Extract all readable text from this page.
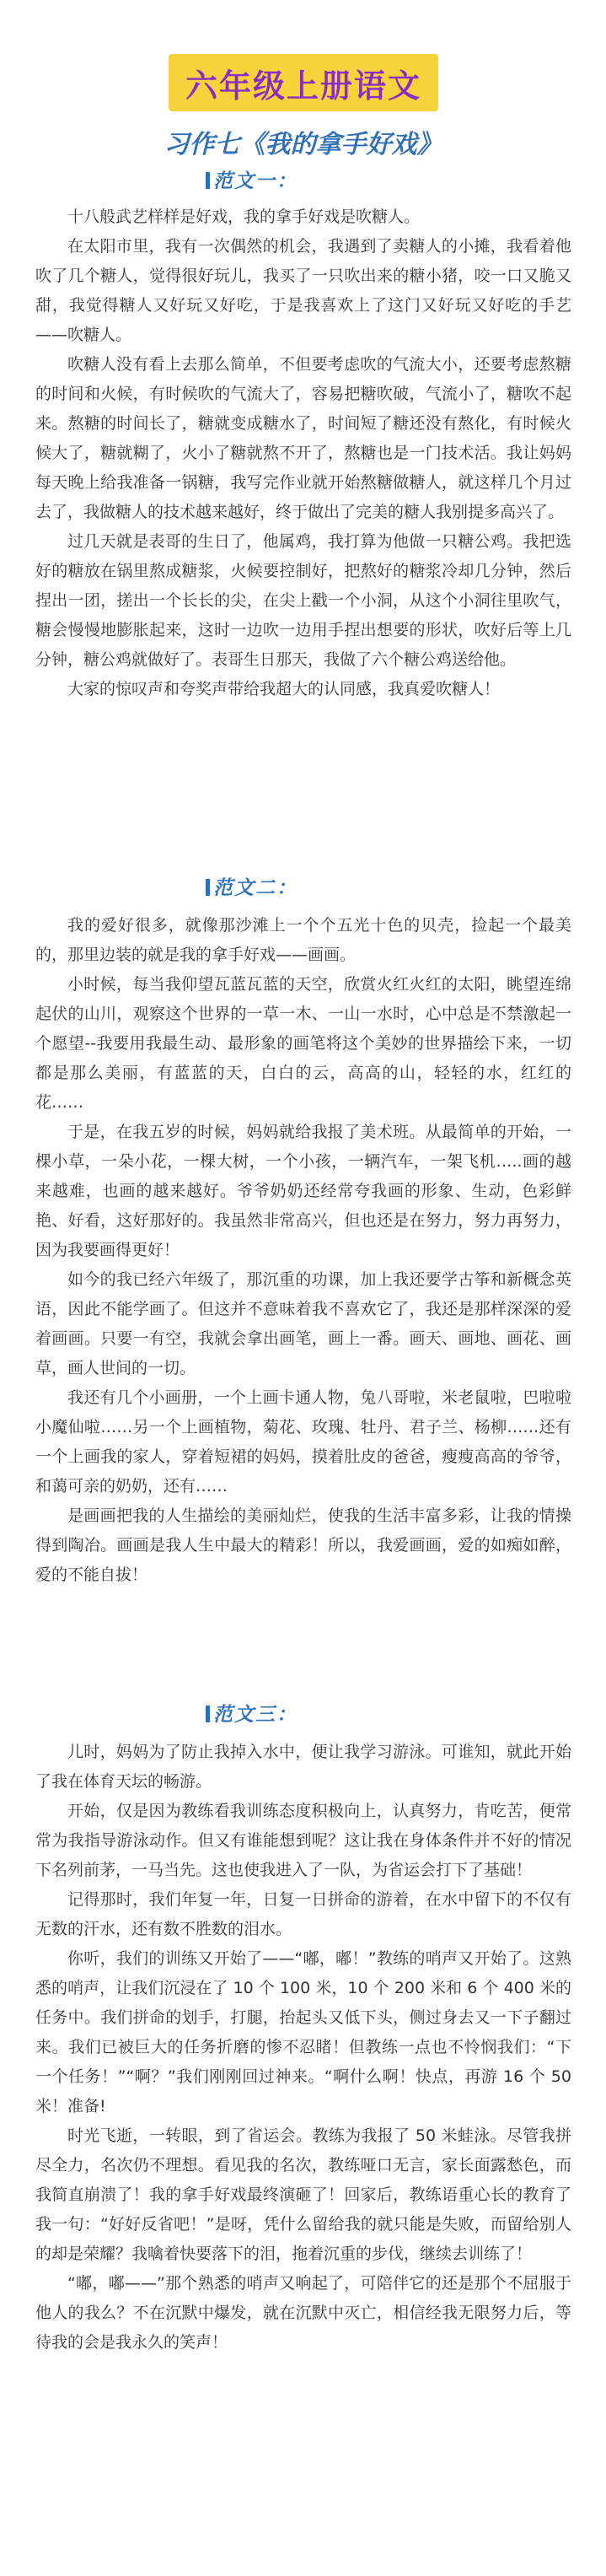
六年级上册语文
习作七《我的拿手好戏》
范文一：

十八般武艺样样是好戏，我的拿手好戏是吹糖人。

在太阳市里，我有一次偶然的机会，我遇到了卖糖人的小摊，我看着他吹了几个糖人，觉得很好玩儿，我买了一只吹出来的糖小猪，咬一口又脆又甜，我觉得糖人又好玩又好吃，于是我喜欢上了这门又好玩又好吃的手艺——吹糖人。

吹糖人没有看上去那么简单，不但要考虑吹的气流大小，还要考虑熬糖的时间和火候，有时候吹的气流大了，容易把糖吹破，气流小了，糖吹不起来。熬糖的时间长了，糖就变成糖水了，时间短了糖还没有熬化，有时候火候大了，糖就糊了，火小了糖就熬不开了，熬糖也是一门技术活。我让妈妈每天晚上给我准备一锅糖，我写完作业就开始熬糖做糖人，就这样几个月过去了，我做糖人的技术越来越好，终于做出了完美的糖人我别提多高兴了。

过几天就是表哥的生日了，他属鸡，我打算为他做一只糖公鸡。我把选好的糖放在锅里熬成糖浆，火候要控制好，把熬好的糖浆冷却几分钟，然后捏出一团，搓出一个长长的尖，在尖上戳一个小洞，从这个小洞往里吹气，糖会慢慢地膨胀起来，这时一边吹一边用手捏出想要的形状，吹好后等上几分钟，糖公鸡就做好了。表哥生日那天，我做了六个糖公鸡送给他。

大家的惊叹声和夸奖声带给我超大的认同感，我真爱吹糖人！

范文二：

我的爱好很多，就像那沙滩上一个个五光十色的贝壳，捡起一个最美的，那里边装的就是我的拿手好戏——画画。

小时候，每当我仰望瓦蓝瓦蓝的天空，欣赏火红火红的太阳，眺望连绵起伏的山川，观察这个世界的一草一木、一山一水时，心中总是不禁激起一个愿望--我要用我最生动、最形象的画笔将这个美妙的世界描绘下来，一切都是那么美丽，有蓝蓝的天，白白的云，高高的山，轻轻的水，红红的花……

于是，在我五岁的时候，妈妈就给我报了美术班。从最简单的开始，一棵小草，一朵小花，一棵大树，一个小孩，一辆汽车，一架飞机…..画的越来越难，也画的越来越好。爷爷奶奶还经常夸我画的形象、生动，色彩鲜艳、好看，这好那好的。我虽然非常高兴，但也还是在努力，努力再努力，因为我要画得更好！

如今的我已经六年级了，那沉重的功课，加上我还要学古筝和新概念英语，因此不能学画了。但这并不意味着我不喜欢它了，我还是那样深深的爱着画画。只要一有空，我就会拿出画笔，画上一番。画天、画地、画花、画草，画人世间的一切。

我还有几个小画册，一个上画卡通人物，兔八哥啦，米老鼠啦，巴啦啦小魔仙啦……另一个上画植物，菊花、玫瑰、牡丹、君子兰、杨柳……还有一个上画我的家人，穿着短裙的妈妈，摸着肚皮的爸爸，瘦瘦高高的爷爷，和蔼可亲的奶奶，还有……

是画画把我的人生描绘的美丽灿烂，使我的生活丰富多彩，让我的情操得到陶冶。画画是我人生中最大的精彩！所以，我爱画画，爱的如痴如醉，爱的不能自拔！

范文三：

儿时，妈妈为了防止我掉入水中，便让我学习游泳。可谁知，就此开始了我在体育天坛的畅游。

开始，仅是因为教练看我训练态度积极向上，认真努力，肯吃苦，便常常为我指导游泳动作。但又有谁能想到呢？这让我在身体条件并不好的情况下名列前茅，一马当先。这也使我进入了一队，为省运会打下了基础！

记得那时，我们年复一年，日复一日拼命的游着，在水中留下的不仅有无数的汗水，还有数不胜数的泪水。

你听，我们的训练又开始了——“嘟，嘟！”教练的哨声又开始了。这熟悉的哨声，让我们沉浸在了 10 个 100 米，10 个 200 米和 6 个 400 米的任务中。我们拼命的划手，打腿，抬起头又低下头，侧过身去又一下子翻过来。我们已被巨大的任务折磨的惨不忍睹！但教练一点也不怜悯我们：“下一个任务！”“啊？”我们刚刚回过神来。“啊什么啊！快点，再游 16 个 50 米！准备!

时光飞逝，一转眼，到了省运会。教练为我报了 50 米蛙泳。尽管我拼尽全力，名次仍不理想。看见我的名次，教练哑口无言，家长面露愁色，而我简直崩溃了！我的拿手好戏最终演砸了！回家后，教练语重心长的教育了我一句：“好好反省吧！”是呀，凭什么留给我的就只能是失败，而留给别人的却是荣耀？我噙着快要落下的泪，拖着沉重的步伐，继续去训练了！

“嘟，嘟——”那个熟悉的哨声又响起了，可陪伴它的还是那个不屈服于他人的我么？不在沉默中爆发，就在沉默中灭亡，相信经我无限努力后，等待我的会是我永久的笑声！
